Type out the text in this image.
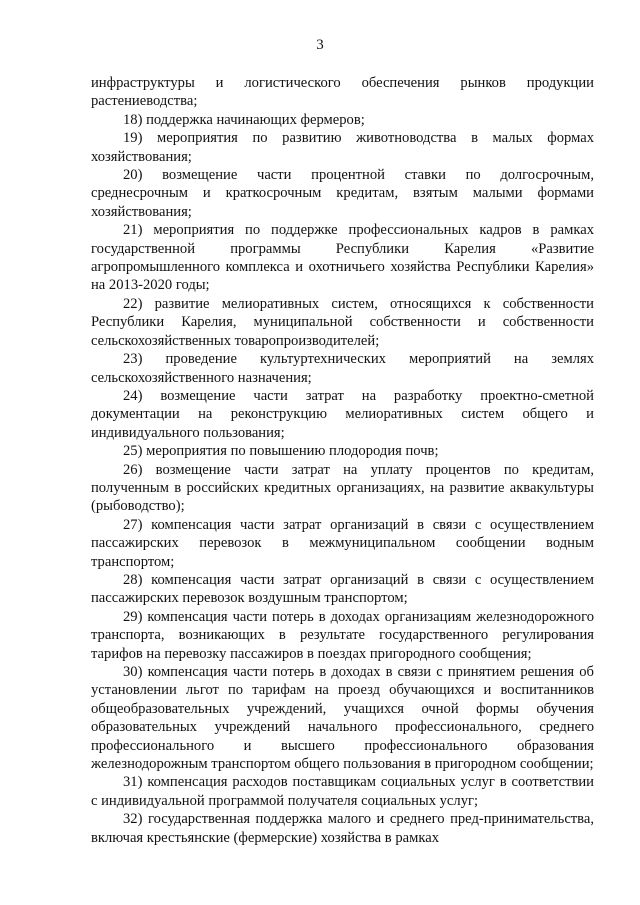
3

инфраструктуры и логистического обеспечения рынков продукции растениеводства;

18) поддержка начинающих фермеров;

19) мероприятия по развитию животноводства в малых формах хозяйствования;

20) возмещение части процентной ставки по долгосрочным, среднесрочным и краткосрочным кредитам, взятым малыми формами хозяйствования;

21) мероприятия по поддержке профессиональных кадров в рамках государственной программы Республики Карелия «Развитие агропромышленного комплекса и охотничьего хозяйства Республики Карелия» на 2013-2020 годы;

22) развитие мелиоративных систем, относящихся к собственности Республики Карелия, муниципальной собственности и собственности сельскохозяйственных товаропроизводителей;

23) проведение культуртехнических мероприятий на землях сельскохозяйственного назначения;

24) возмещение части затрат на разработку проектно-сметной документации на реконструкцию мелиоративных систем общего и индивидуального пользования;

25) мероприятия по повышению плодородия почв;

26) возмещение части затрат на уплату процентов по кредитам, полученным в российских кредитных организациях, на развитие аквакультуры (рыбоводство);

27) компенсация части затрат организаций в связи с осуществлением пассажирских перевозок в межмуниципальном сообщении водным транспортом;

28) компенсация части затрат организаций в связи с осуществлением пассажирских перевозок воздушным транспортом;

29) компенсация части потерь в доходах организациям железнодорожного транспорта, возникающих в результате государственного регулирования тарифов на перевозку пассажиров в поездах пригородного сообщения;

30) компенсация части потерь в доходах в связи с принятием решения об установлении льгот по тарифам на проезд обучающихся и воспитанников общеобразовательных учреждений, учащихся очной формы обучения образовательных учреждений начального профессионального, среднего профессионального и высшего профессионального образования железнодорожным транспортом общего пользования в пригородном сообщении;

31) компенсация расходов поставщикам социальных услуг в соответствии с индивидуальной программой получателя социальных услуг;

32) государственная поддержка малого и среднего пред-принимательства, включая крестьянские (фермерские) хозяйства в рамках
